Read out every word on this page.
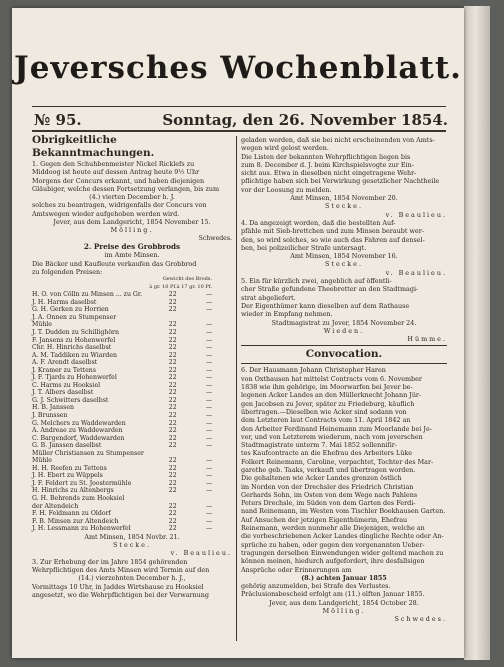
Jeversches Wochenblatt.
№ 95.	Sonntag, den 26. November 1854.
Obrigkeitliche Bekanntmachungen.

1. Gegen den Schuhbenmeister Nickel Ricklefs zu

Middoog ist heute auf dessen Antrag heute 9½ Uhr

Morgens der Concurs erkannt, und haben diejenigen

Gläubiger, welche dessen Fortsetzung verlangen, bis zum

(4.) vierten December h. J.

solches zu beantragen, widrigenfalls der Concurs von

Amtswegen wieder aufgehoben werden wird.

Jever, aus dem Landgericht, 1854 November 15.

Mölling.

Schwedes.

2. Preise des Grobbrods
im Amte Minsen.

Die Bäcker und Kaufleute verkaufen das Grobbrod

zu folgenden Preisen:

	Gewicht des Brods.	
	à gr. 10 Pf.	à 17 gr. 10 Pf.
H. O. von Cölln zu Minsen ... zu Gr.	22	—
J. H. Harms daselbst	22	—
G. H. Gerken zu Horrien	22	—
J. A. Onnen zu Stumpenser		
Mühle	22	—
J. T. Dudden zu Schillighörn	22	—
F. Jansens zu Hohenwerfel	22	—
Chr. H. Hinrichs daselbst	22	—
A. M. Taddiken zu Wiarden	22	—
A. F. Arendt daselbst	22	—
J. Kramer zu Tettens	22	—
J. F. Tjards zu Hohenwerfel	22	—
C. Harms zu Hooksiel	22	—
J. T. Albers daselbst	22	—
G. J. Schwitters daselbst	22	—
H. B. Janssen	22	—
J. Brunssen	22	—
G. Melchers zu Waddewarden	22	—
A. Andreae zu Waddewarden	22	—
C. Bargendorf, Waddewarden	22	—
G. B. Janssen daselbst	22	—
Müller Christiansen zu Stumpenser		
Mühle	22	—
H. H. Reefen zu Tettens	22	—
J. H. Ebert zu Wüppels	22	—
J. F. Feldert zu St. Joostermühle	22	—
H. Hinrichs zu Altenbergs	22	—
G. H. Behrends zum Hooksiel		
der Altendeich	22	—
F. H. Feldmann zu Oldorf	22	—
F. B. Minsen zur Altendeich	22	—
J. H. Lessmann zu Hohenwerfel	22	—

Amt Minsen, 1854 Novbr. 21.

Stecke.

v. Beaulieu.

3. Zur Erhebung der im Jahre 1854 gehörenden

Wehrpflichtigen des Amts Minsen wird Termin auf den

(14.) vierzehnten December h. J.,

Vormittags 10 Uhr, in Jaddes Wirtshause zu Hooksiel

angesetzt, wo die Wehrpflichtigen bei der Verwarnung

geladen werden, daß sie bei nicht erscheinenden von Amts-

wegen wird gelost werden.

Die Listen der bekannten Wehrpflichtigen liegen bis

zum 8. December d. J. beim Kirchspielsvogte zur Ein-

sicht aus. Etwa in dieselben nicht eingetragene Wehr-

pflichtige haben sich bei Verwirkung gesetzlicher Nachtheile

vor der Loosung zu melden.

Amt Minsen, 1854 November 20.

Stecke.

v. Beaulieu.

4. Da angezeigt worden, daß die bestellten Auf-

pfähle mit Sieb-brettchen und zum Minsen beraubt wer-

den, so wird solches, so wie auch das Fahren auf densel-

ben, bei polizeilicher Strafe untersagt.

Amt Minsen, 1854 November 16.

Stecke.

v. Beaulieu.

5. Ein für kürzlich zwei, angeblich auf öffentli-

cher Straße gefundene Theebretter an den Stadtmagi-

strat abgeliefert.

Der Eigenthümer kann dieselben auf dem Rathause

wieder in Empfang nehmen.

Stadtmagistrat zu Jever, 1854 November 24.

Wieden.

Hümme.

Convocation.

6. Der Hausmann Johann Christopher Haren

von Oxthausen hat mittelst Contracts vom 6. November

1838 wie ihm gehörige, im Moorwarfen bei Jever be-

legenen Acker Landes an den Müllerknecht Johann Jür-

gen Jacobsen zu Jever, später zu Friedeburg, käuflich

übertragen.—Dieselben wie Acker sind sodann von

dem Letzteren laut Contracts vom 11. April 1842 an

den Arbeiter Ferdinand Heinemann zum Moorlande bei Je-

ver, und von Letzterem wiederum, nach vom jeverschen

Stadtmagistrate unterm 7. Mai 1852 sollenniſir-

tes Kaufcontracte an die Ehefrau des Arbeiters Lüke

Folkert Reinemann, Caroline, verpachtet, Tochter des Mar-

garethe geb. Taaks, verkauft und übertragen worden.

Die gehaltenen wie Acker Landes grenzen östlich

im Norden von der Drechsler des Friedrich Christian

Gerhards Sohn, im Osten von dem Wege nach Pahlens

Peters Drechsle, im Süden von dem Garten des Ferdi-

nand Reinemann, im Westen vom Tischler Boekhausen Garten.

Auf Ansuchen der jetzigen Eigenthümerin, Ehefrau

Reinemann, werden nunmehr alle Diejenigen, welche an

die vorbeschriebenen Acker Landes dingliche Rechte oder An-

sprüche zu haben, oder gegen den vorgenannten Ueber-

tragungen derselben Einwendungen wider geltend machen zu

können meinen, hiedurch aufgefordert, ihre desfallsigen

Ansprüche oder Erinnerungen am

(8.) achten Januar 1855

gehörig anzumelden, bei Strafe des Verlustes.

Präclusionsbescheid erfolgt am (11.) elften Januar 1855.

Jever, aus dem Landgericht, 1854 October 28.

Mölling.

Schwedes.
